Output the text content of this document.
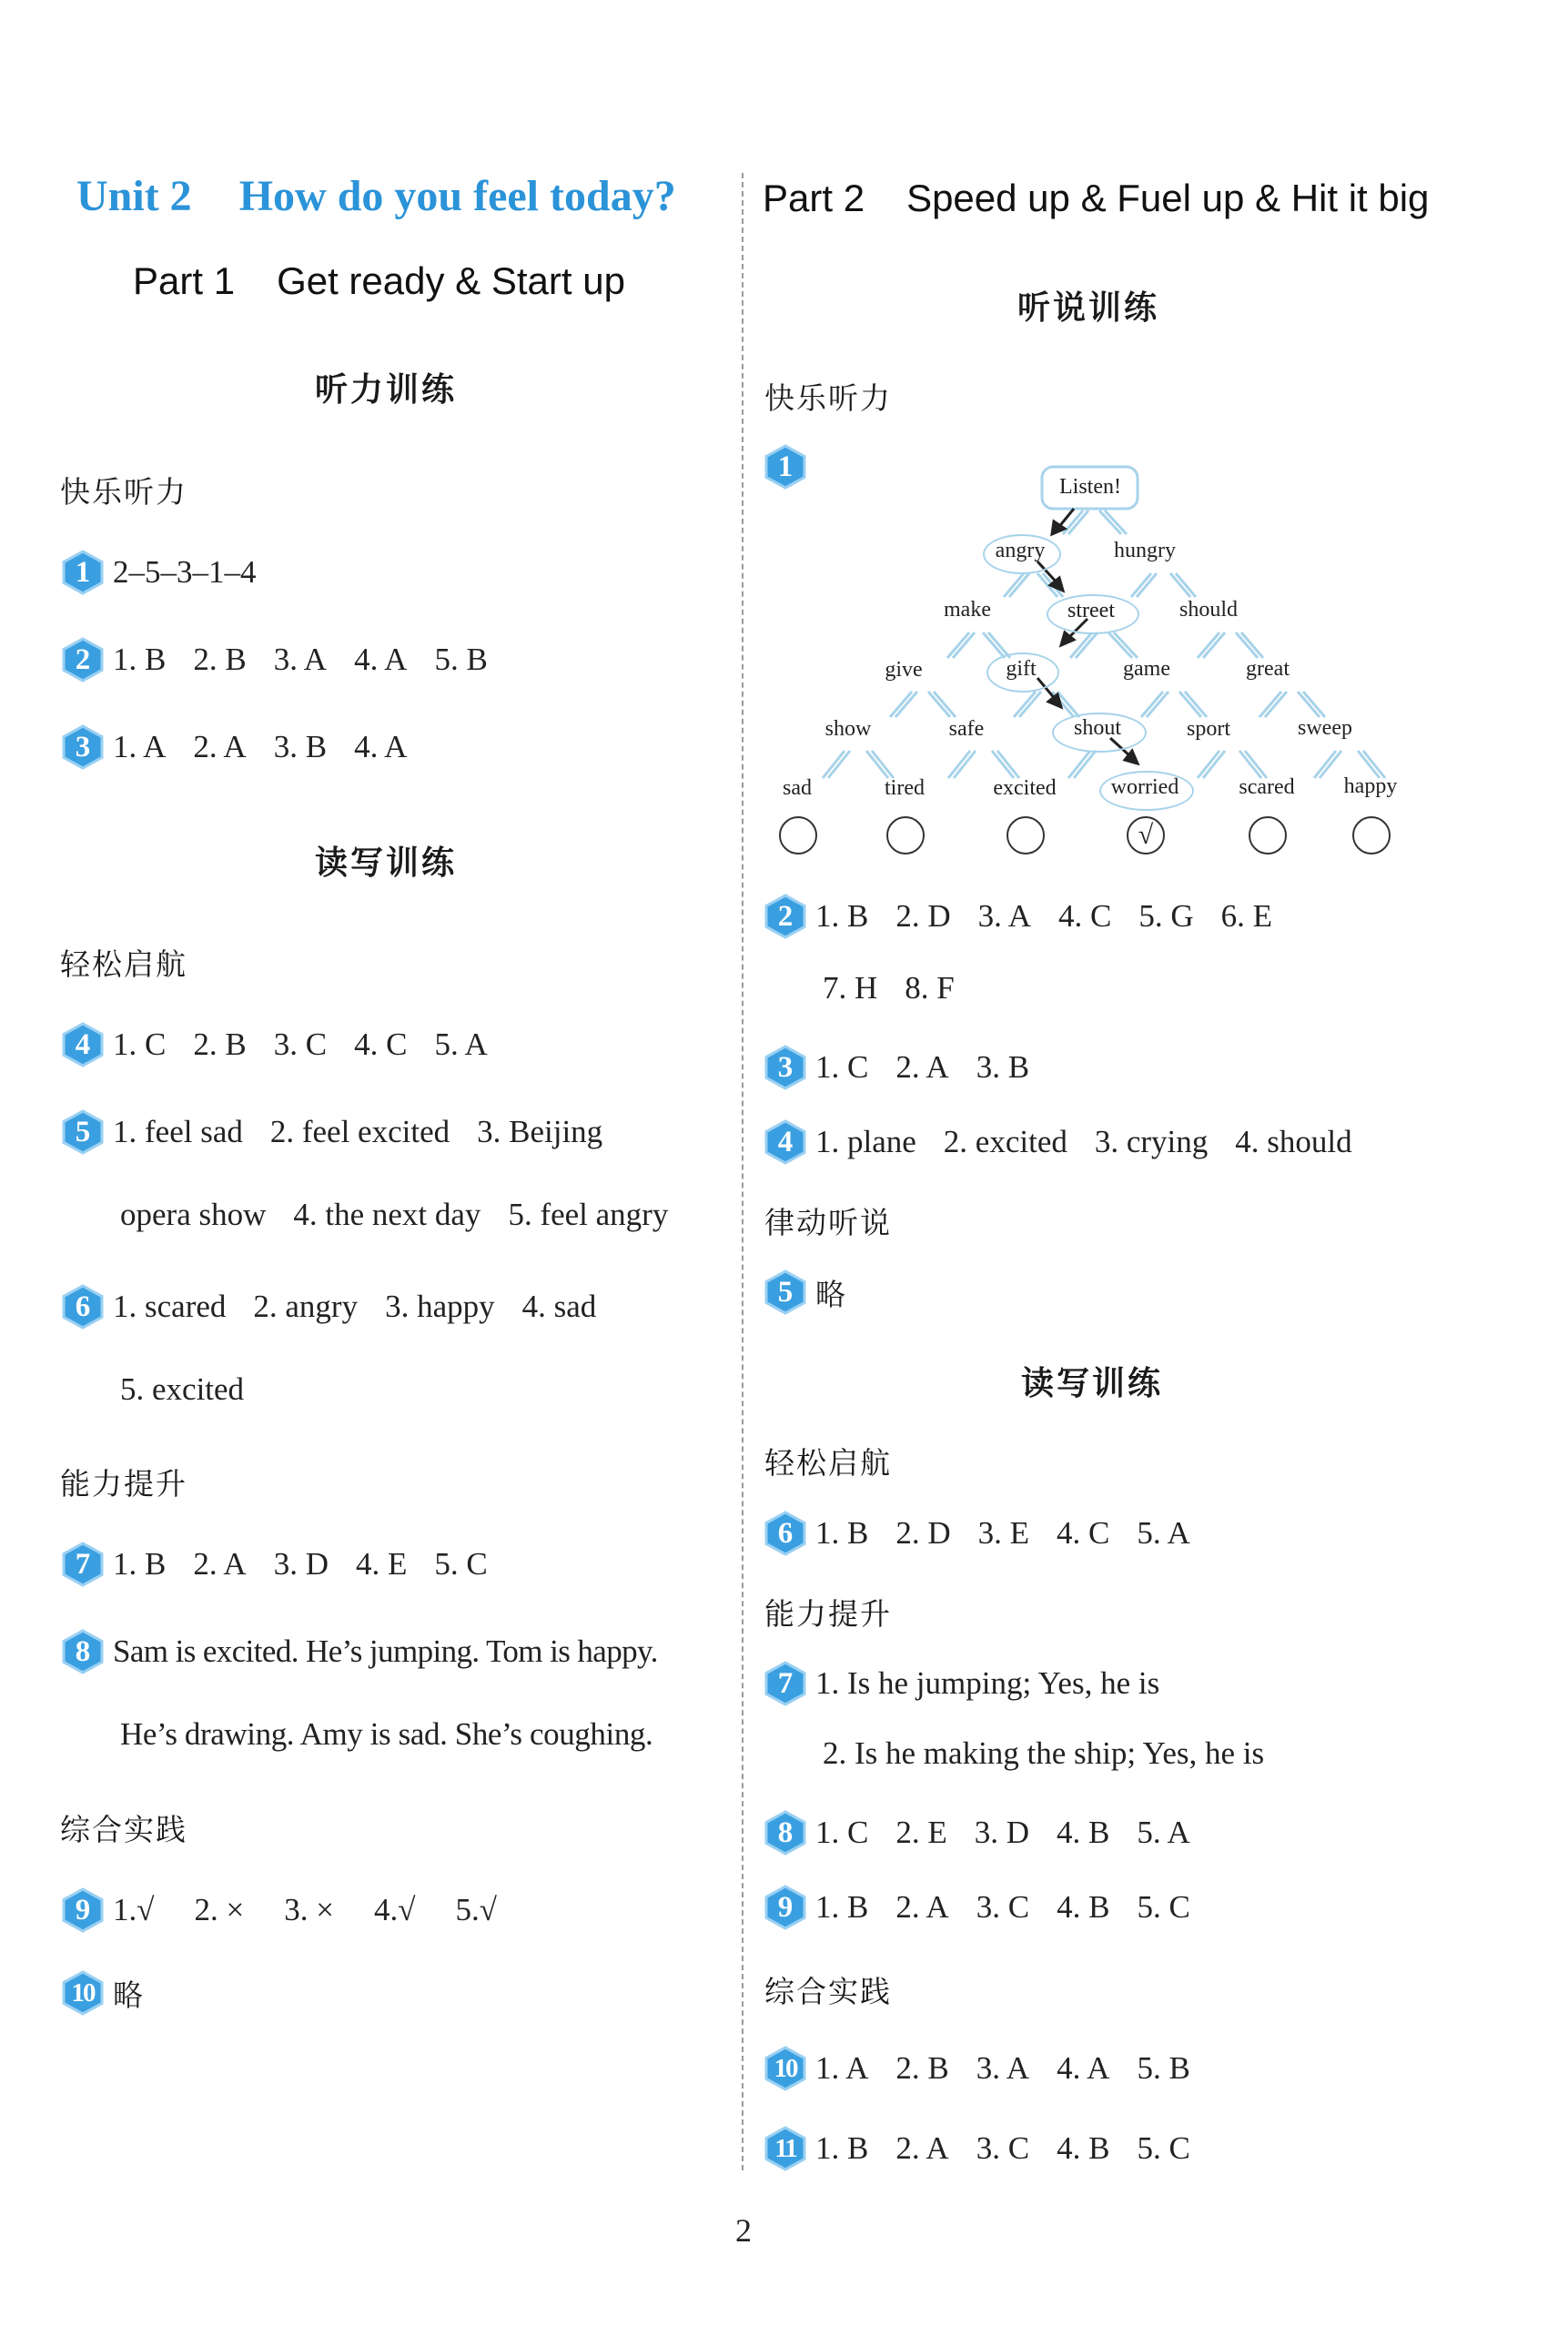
Unit 2 How do you feel today?
Part 1 Get ready & Start up
听力训练
快乐听力
1 2–5–3–1–4
2 1. B 2. B 3. A 4. A 5. B
3 1. A 2. A 3. B 4. A
读写训练
轻松启航
4 1. C 2. B 3. C 4. C 5. A
5 1. feel sad 2. feel excited 3. Beijing
opera show 4. the next day 5. feel angry
6 1. scared 2. angry 3. happy 4. sad
5. excited
能力提升
7 1. B 2. A 3. D 4. E 5. C
8 Sam is excited. He’s jumping. Tom is happy.
He’s drawing. Amy is sad. She’s coughing.
综合实践
9 1.√ 2. × 3. × 4.√ 5.√
10 略
Part 2 Speed up & Fuel up & Hit it big
听说训练
快乐听力
1
Listen!
angry	hungry
make	street	should
give	gift	game	great
show	safe	shout	sport	sweep
sad	tired	excited	worried	scared happy
√
2 1. B 2. D 3. A 4. C 5. G 6. E
7. H 8. F
3 1. C 2. A 3. B
4 1. plane 2. excited 3. crying 4. should
律动听说
5 略
读写训练
轻松启航
6 1. B 2. D 3. E 4. C 5. A
能力提升
7 1. Is he jumping; Yes, he is
2. Is he making the ship; Yes, he is
8 1. C 2. E 3. D 4. B 5. A
9 1. B 2. A 3. C 4. B 5. C
综合实践
10 1. A 2. B 3. A 4. A 5. B
11 1. B 2. A 3. C 4. B 5. C
2
